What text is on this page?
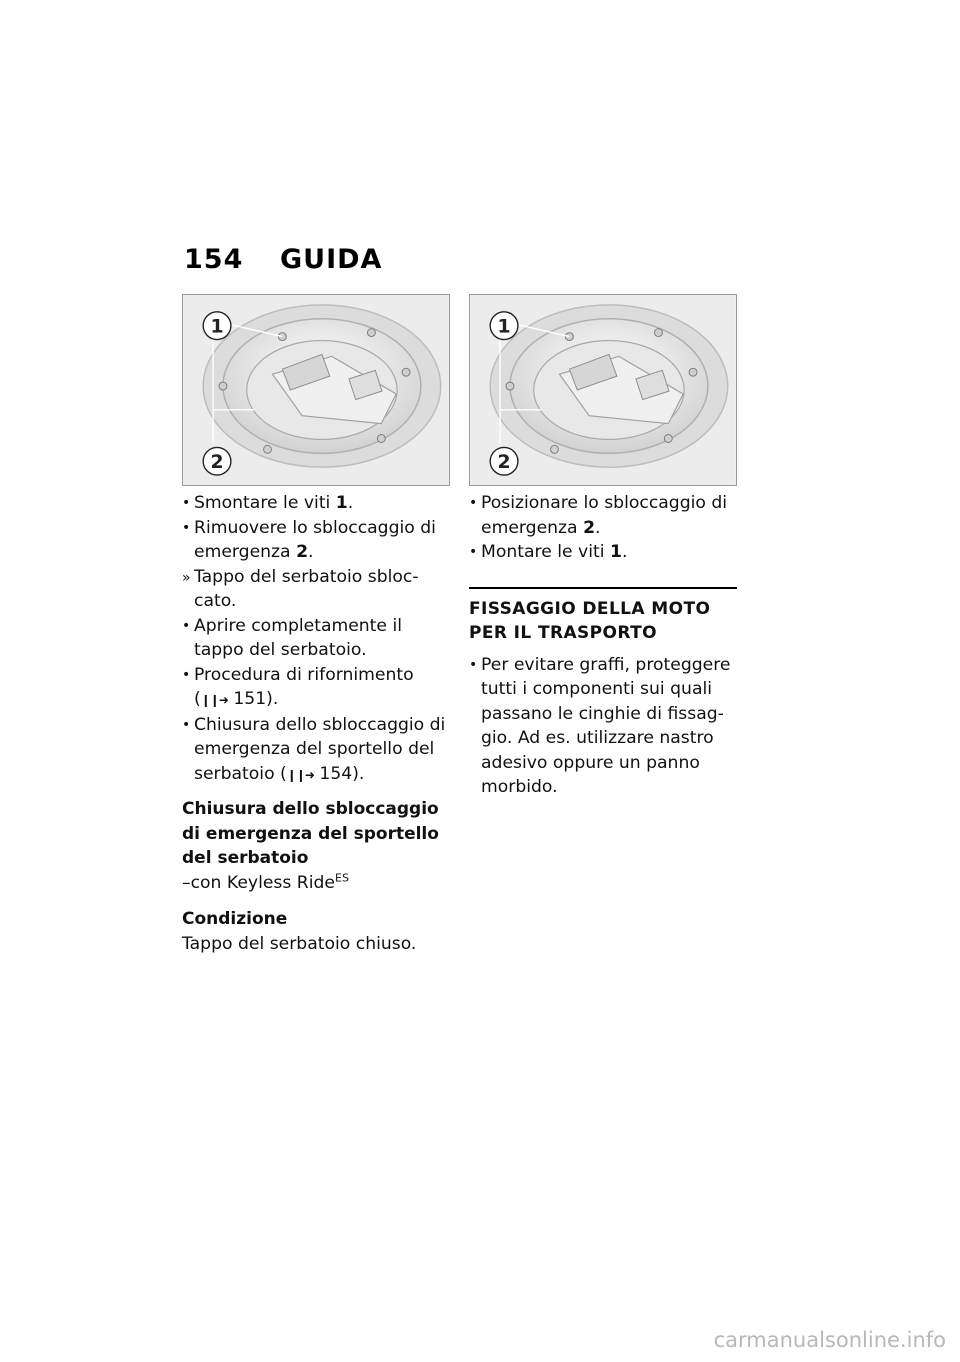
154 GUIDA
1
2
1
2
• Smontare le viti 1.
• Rimuovere lo sbloccaggio di emergenza 2.
» Tappo del serbatoio sbloc-cato.
• Aprire completamente il tappo del serbatoio.
• Procedura di rifornimento (❙❙➜ 151).
• Chiusura dello sbloccaggio di emergenza del sportello del serbatoio (❙❙➜ 154).
Chiusura dello sbloccaggio di emergenza del sportello del serbatoio

–con Keyless Ride$^{ES}$

Condizione

Tappo del serbatoio chiuso.

• Posizionare lo sbloccaggio di emergenza 2.
• Montare le viti 1.
FISSAGGIO DELLA MOTO PER IL TRASPORTO
• Per evitare graffi, proteggere tutti i componenti sui quali passano le cinghie di fissag-gio. Ad es. utilizzare nastro adesivo oppure un panno morbido.
carmanualsonline.info
